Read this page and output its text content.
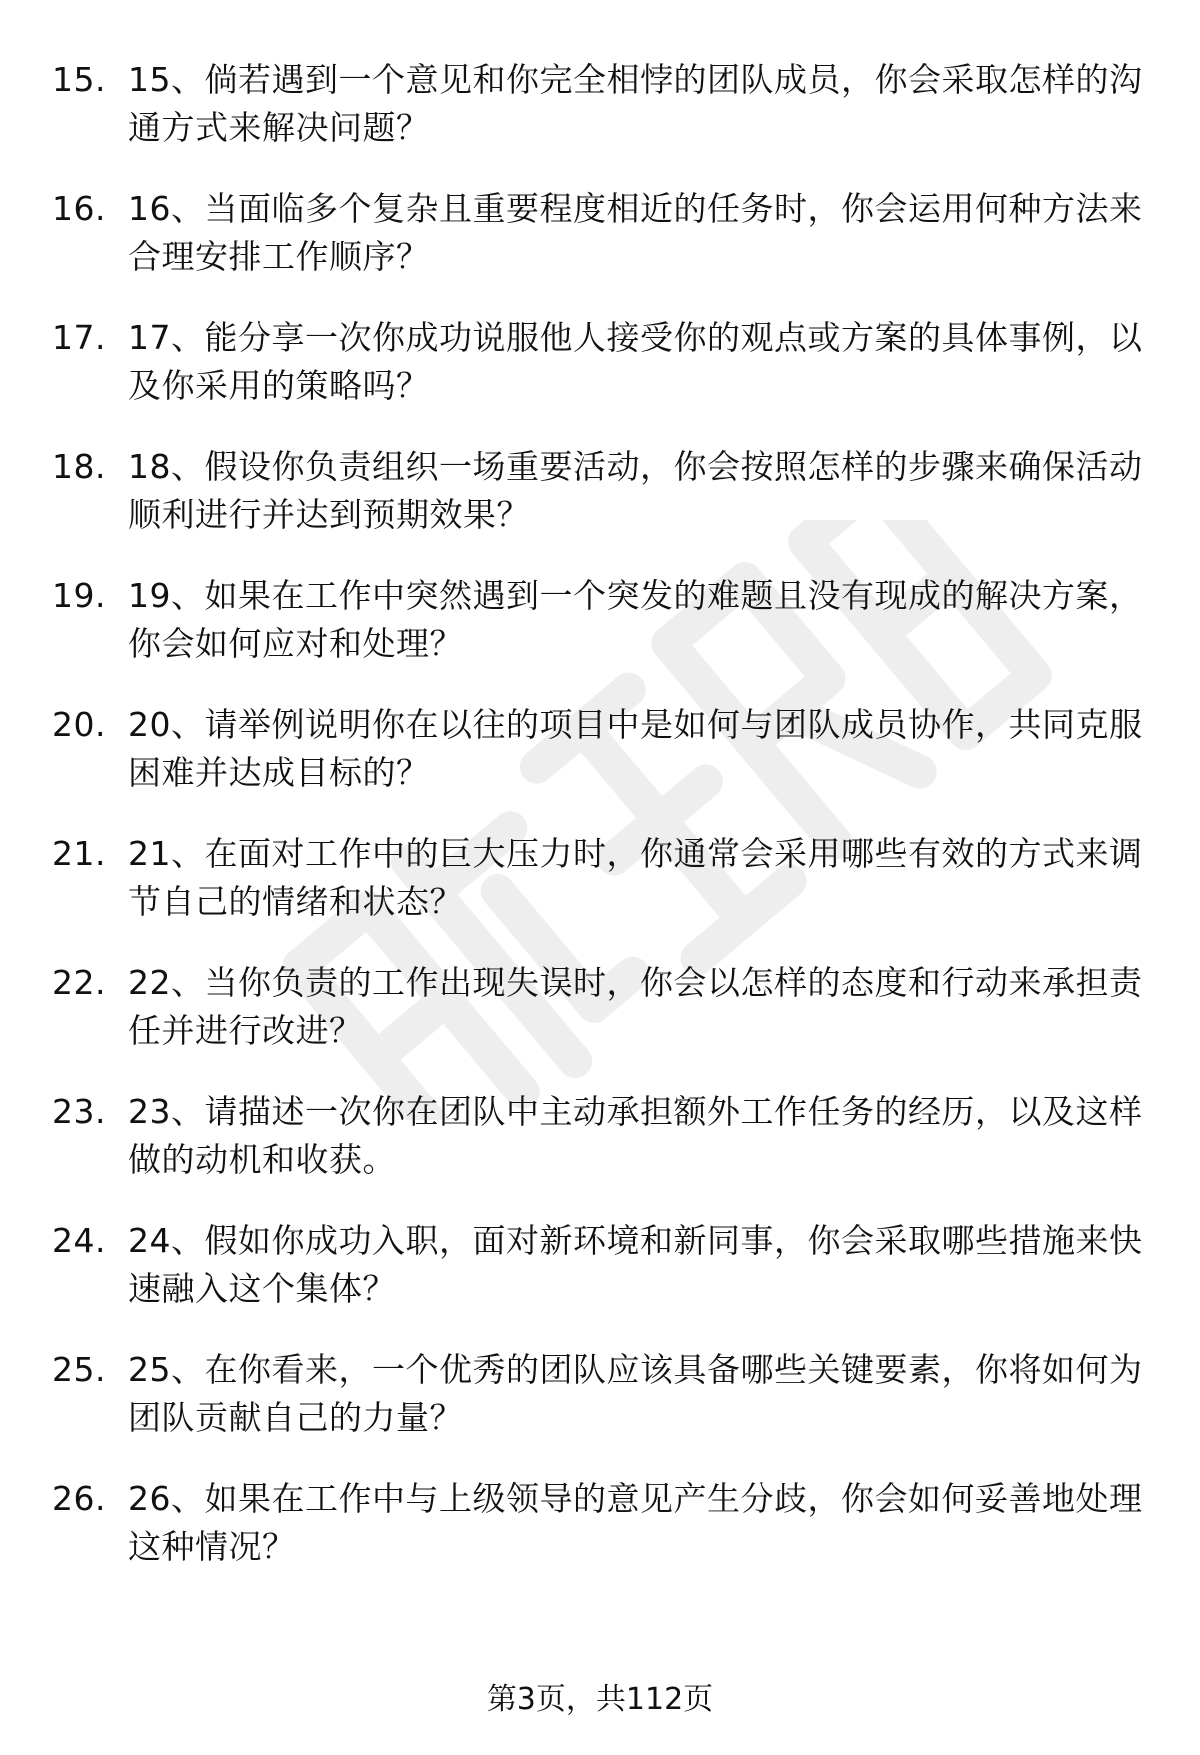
15. 15、倘若遇到一个意见和你完全相悖的团队成员，你会采取怎样的沟通方式来解决问题？
16. 16、当面临多个复杂且重要程度相近的任务时，你会运用何种方法来合理安排工作顺序？
17. 17、能分享一次你成功说服他人接受你的观点或方案的具体事例，以及你采用的策略吗？
18. 18、假设你负责组织一场重要活动，你会按照怎样的步骤来确保活动顺利进行并达到预期效果？
19. 19、如果在工作中突然遇到一个突发的难题且没有现成的解决方案，你会如何应对和处理？
20. 20、请举例说明你在以往的项目中是如何与团队成员协作，共同克服困难并达成目标的？
21. 21、在面对工作中的巨大压力时，你通常会采用哪些有效的方式来调节自己的情绪和状态？
22. 22、当你负责的工作出现失误时，你会以怎样的态度和行动来承担责任并进行改进？
23. 23、请描述一次你在团队中主动承担额外工作任务的经历，以及这样做的动机和收获。
24. 24、假如你成功入职，面对新环境和新同事，你会采取哪些措施来快速融入这个集体？
25. 25、在你看来，一个优秀的团队应该具备哪些关键要素，你将如何为团队贡献自己的力量？
26. 26、如果在工作中与上级领导的意见产生分歧，你会如何妥善地处理这种情况？
第3页，共112页
